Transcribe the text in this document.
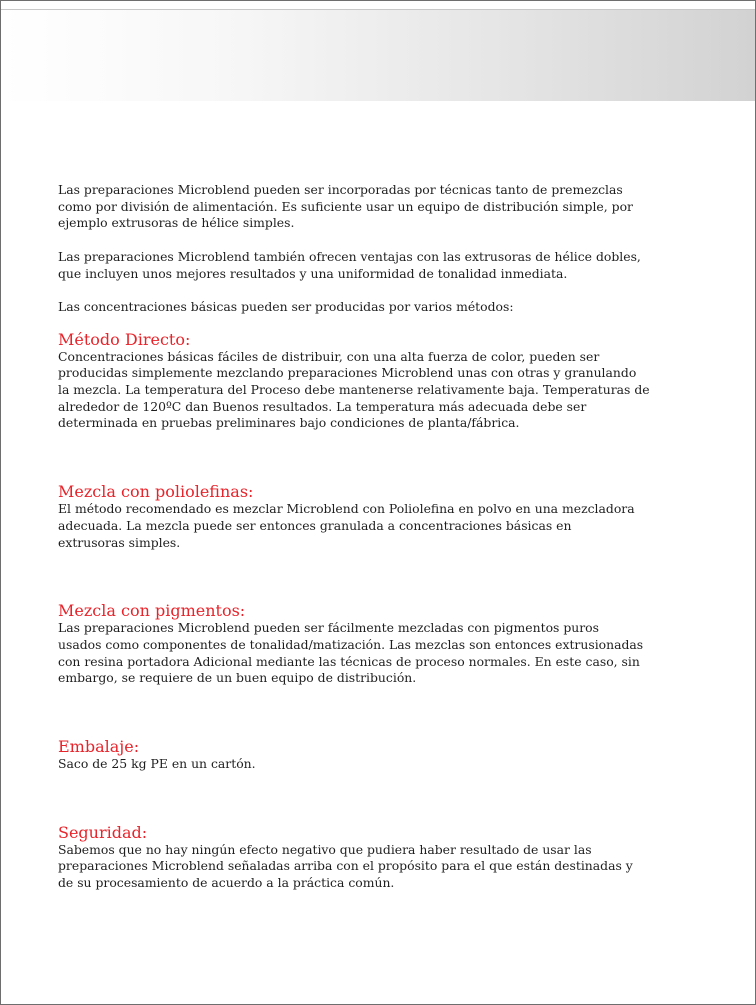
Las preparaciones Microblend pueden ser incorporadas por técnicas tanto de premezclas
como por división de alimentación. Es suficiente usar un equipo de distribución simple, por
ejemplo extrusoras de hélice simples.

Las preparaciones Microblend también ofrecen ventajas con las extrusoras de hélice dobles,
que incluyen unos mejores resultados y una uniformidad de tonalidad inmediata.

Las concentraciones básicas pueden ser producidas por varios métodos:

Método Directo:

Concentraciones básicas fáciles de distribuir, con una alta fuerza de color, pueden ser
producidas simplemente mezclando preparaciones Microblend unas con otras y granulando
la mezcla. La temperatura del Proceso debe mantenerse relativamente baja. Temperaturas de
alrededor de 120ºC dan Buenos resultados. La temperatura más adecuada debe ser
determinada en pruebas preliminares bajo condiciones de planta/fábrica.

Mezcla con poliolefinas:

El método recomendado es mezclar Microblend con Poliolefina en polvo en una mezcladora
adecuada. La mezcla puede ser entonces granulada a concentraciones básicas en
extrusoras simples.

Mezcla con pigmentos:

Las preparaciones Microblend pueden ser fácilmente mezcladas con pigmentos puros
usados como componentes de tonalidad/matización. Las mezclas son entonces extrusionadas
con resina portadora Adicional mediante las técnicas de proceso normales. En este caso, sin
embargo, se requiere de un buen equipo de distribución.

Embalaje:

Saco de 25 kg PE en un cartón.

Seguridad:

Sabemos que no hay ningún efecto negativo que pudiera haber resultado de usar las
preparaciones Microblend señaladas arriba con el propósito para el que están destinadas y
de su procesamiento de acuerdo a la práctica común.
